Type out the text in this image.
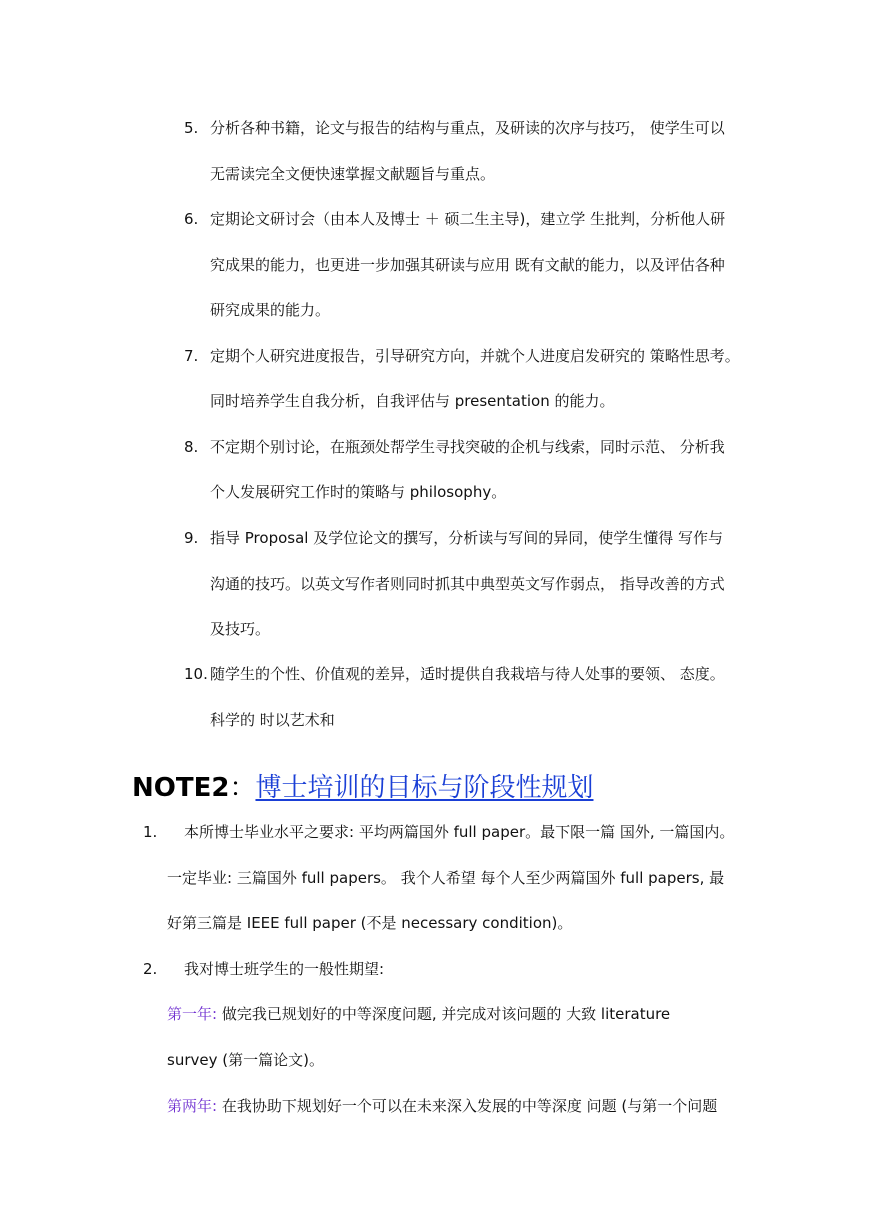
5. 分析各种书籍，论文与报告的结构与重点，及研读的次序与技巧， 使学生可以
无需读完全文便快速掌握文献题旨与重点。
6. 定期论文研讨会（由本人及博士 ＋ 硕二生主导)，建立学 生批判，分析他人研
究成果的能力，也更进一步加强其研读与应用 既有文献的能力，以及评估各种
研究成果的能力。
7. 定期个人研究进度报告，引导研究方向，并就个人进度启发研究的 策略性思考。
同时培养学生自我分析，自我评估与 presentation 的能力。
8. 不定期个别讨论，在瓶颈处帮学生寻找突破的企机与线索，同时示范、 分析我
个人发展研究工作时的策略与 philosophy。
9. 指导 Proposal 及学位论文的撰写，分析读与写间的异同，使学生懂得 写作与
沟通的技巧。以英文写作者则同时抓其中典型英文写作弱点， 指导改善的方式
及技巧。
10. 随学生的个性、价值观的差异，适时提供自我栽培与待人处事的要领、 态度。
科学的 时以艺术和
NOTE2：博士培训的目标与阶段性规划
1. 本所博士毕业水平之要求: 平均两篇国外 full paper。最下限一篇 国外, 一篇国内。
一定毕业: 三篇国外 full papers。 我个人希望 每个人至少两篇国外 full papers, 最
好第三篇是 IEEE full paper (不是 necessary condition)。
2. 我对博士班学生的一般性期望:
第一年: 做完我已规划好的中等深度问题, 并完成对该问题的 大致 literature
survey (第一篇论文)。
第两年: 在我协助下规划好一个可以在未来深入发展的中等深度 问题 (与第一个问题
